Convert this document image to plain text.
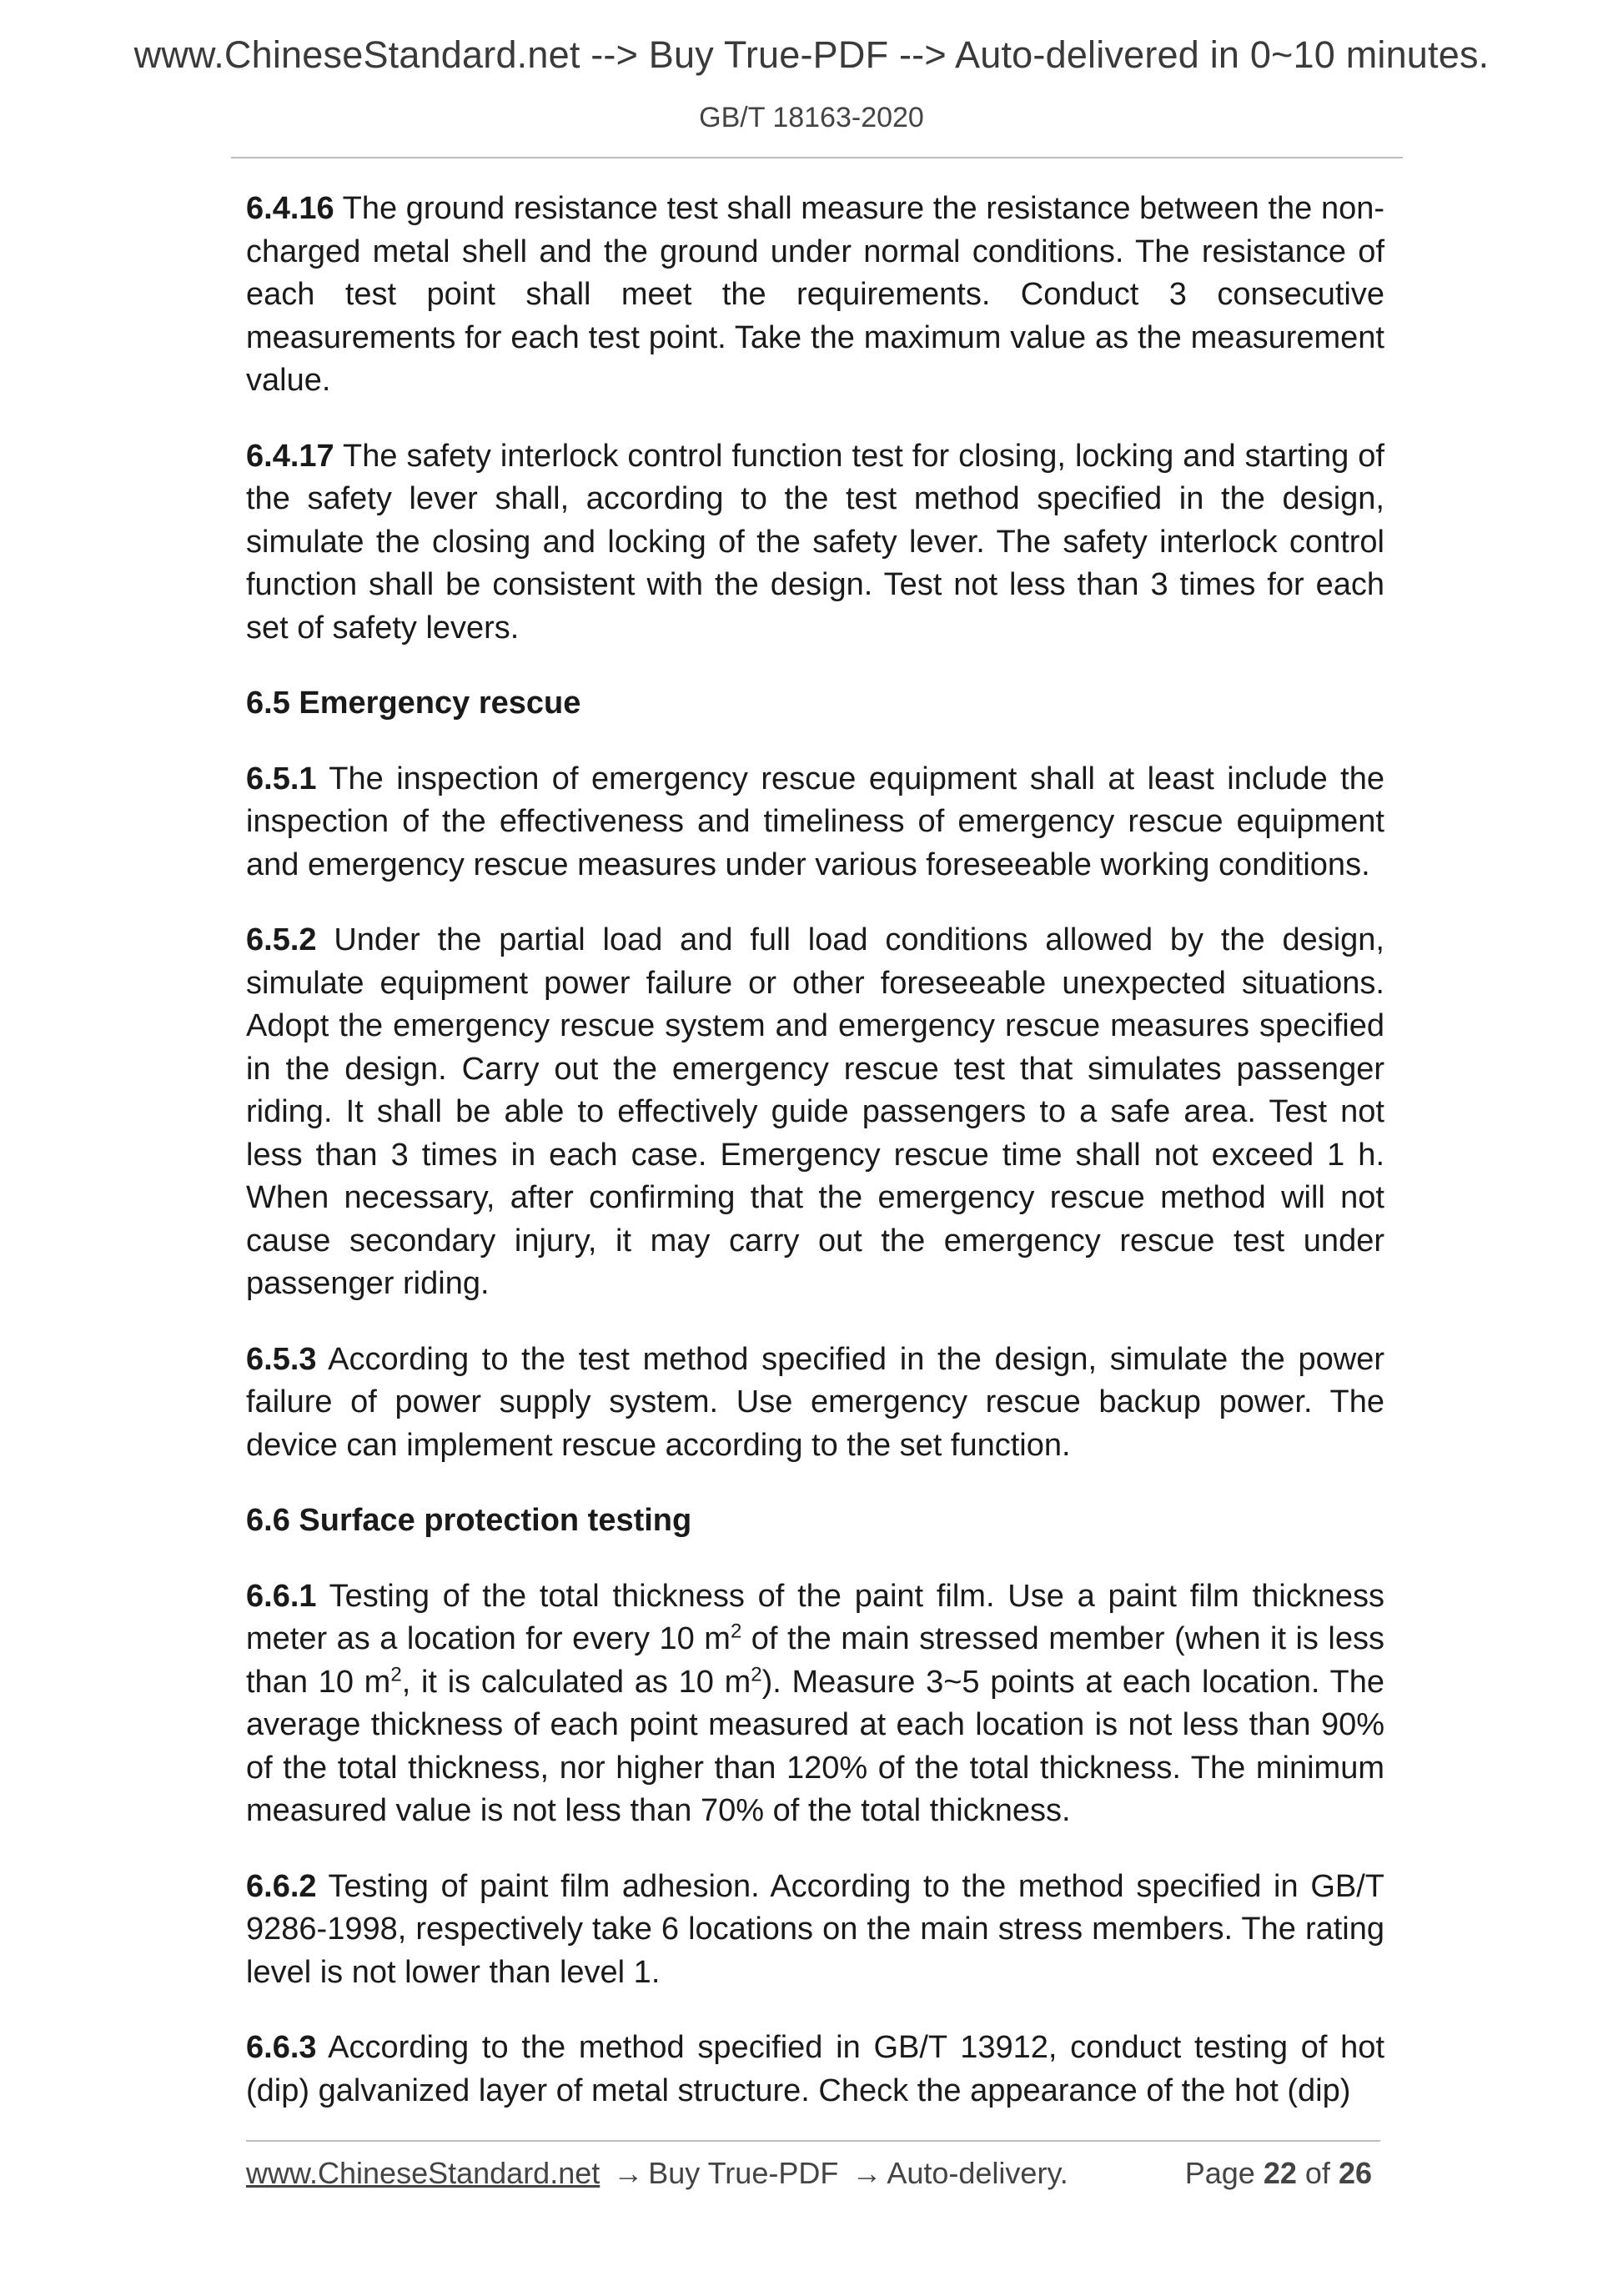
www.ChineseStandard.net --> Buy True-PDF --> Auto-delivered in 0~10 minutes.
GB/T 18163-2020

6.4.16 The ground resistance test shall measure the resistance between the non-charged metal shell and the ground under normal conditions. The resistance of each test point shall meet the requirements. Conduct 3 consecutive measurements for each test point. Take the maximum value as the measurement value.

6.4.17 The safety interlock control function test for closing, locking and starting of the safety lever shall, according to the test method specified in the design, simulate the closing and locking of the safety lever. The safety interlock control function shall be consistent with the design. Test not less than 3 times for each set of safety levers.

6.5 Emergency rescue

6.5.1 The inspection of emergency rescue equipment shall at least include the inspection of the effectiveness and timeliness of emergency rescue equipment and emergency rescue measures under various foreseeable working conditions.

6.5.2 Under the partial load and full load conditions allowed by the design, simulate equipment power failure or other foreseeable unexpected situations. Adopt the emergency rescue system and emergency rescue measures specified in the design. Carry out the emergency rescue test that simulates passenger riding. It shall be able to effectively guide passengers to a safe area. Test not less than 3 times in each case. Emergency rescue time shall not exceed 1 h. When necessary, after confirming that the emergency rescue method will not cause secondary injury, it may carry out the emergency rescue test under passenger riding.

6.5.3 According to the test method specified in the design, simulate the power failure of power supply system. Use emergency rescue backup power. The device can implement rescue according to the set function.

6.6 Surface protection testing

6.6.1 Testing of the total thickness of the paint film. Use a paint film thickness meter as a location for every 10 $m^2$ of the main stressed member (when it is less than 10 $m^2$, it is calculated as 10 $m^2$). Measure 3~5 points at each location. The average thickness of each point measured at each location is not less than 90% of the total thickness, nor higher than 120% of the total thickness. The minimum measured value is not less than 70% of the total thickness.

6.6.2 Testing of paint film adhesion. According to the method specified in GB/T 9286-1998, respectively take 6 locations on the main stress members. The rating level is not lower than level 1.

6.6.3 According to the method specified in GB/T 13912, conduct testing of hot (dip) galvanized layer of metal structure. Check the appearance of the hot (dip)

www.ChineseStandard.net → Buy True-PDF → Auto-delivery.	Page 22 of 26
